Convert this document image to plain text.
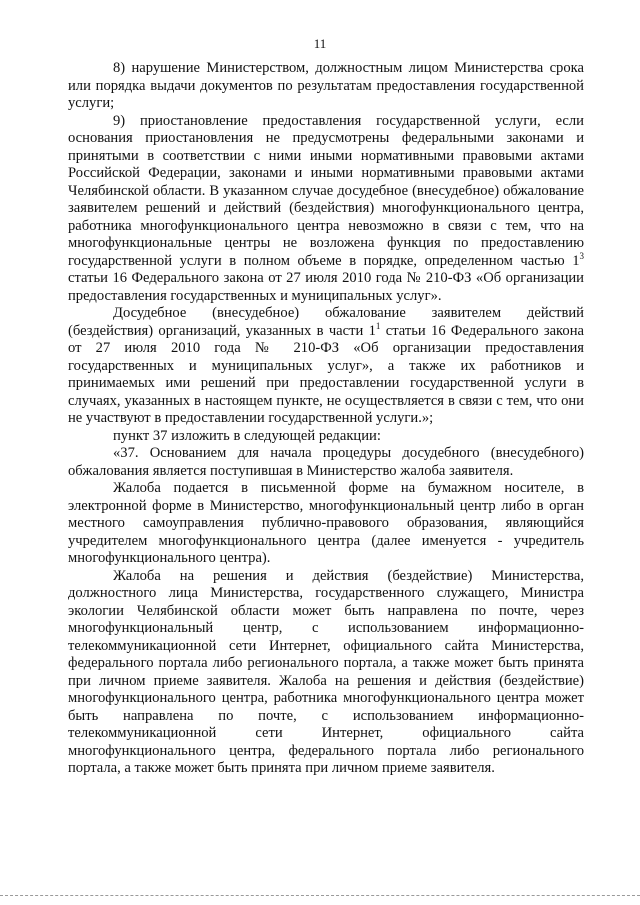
11

8) нарушение Министерством, должностным лицом Министерства срока или порядка выдачи документов по результатам предоставления государственной услуги;

9) приостановление предоставления государственной услуги, если основания приостановления не предусмотрены федеральными законами и принятыми в соответствии с ними иными нормативными правовыми актами Российской Федерации, законами и иными нормативными правовыми актами Челябинской области. В указанном случае досудебное (внесудебное) обжалование заявителем решений и действий (бездействия) многофункционального центра, работника многофункционального центра невозможно в связи с тем, что на многофункциональные центры не возложена функция по предоставлению государственной услуги в полном объеме в порядке, определенном частью $1^3$ статьи 16 Федерального закона от 27 июля 2010 года № 210-ФЗ «Об организации предоставления государственных и муниципальных услуг».

Досудебное (внесудебное) обжалование заявителем действий (бездействия) организаций, указанных в части $1^1$ статьи 16 Федерального закона от 27 июля 2010 года № 210-ФЗ «Об организации предоставления государственных и муниципальных услуг», а также их работников и принимаемых ими решений при предоставлении государственной услуги в случаях, указанных в настоящем пункте, не осуществляется в связи с тем, что они не участвуют в предоставлении государственной услуги.»;

пункт 37 изложить в следующей редакции:

«37. Основанием для начала процедуры досудебного (внесудебного) обжалования является поступившая в Министерство жалоба заявителя.

Жалоба подается в письменной форме на бумажном носителе, в электронной форме в Министерство, многофункциональный центр либо в орган местного самоуправления публично-правового образования, являющийся учредителем многофункционального центра (далее именуется - учредитель многофункционального центра).

Жалоба на решения и действия (бездействие) Министерства, должностного лица Министерства, государственного служащего, Министра экологии Челябинской области может быть направлена по почте, через многофункциональный центр, с использованием информационно-телекоммуникационной сети Интернет, официального сайта Министерства, федерального портала либо регионального портала, а также может быть принята при личном приеме заявителя. Жалоба на решения и действия (бездействие) многофункционального центра, работника многофункционального центра может быть направлена по почте, с использованием информационно-телекоммуникационной сети Интернет, официального сайта многофункционального центра, федерального портала либо регионального портала, а также может быть принята при личном приеме заявителя.
